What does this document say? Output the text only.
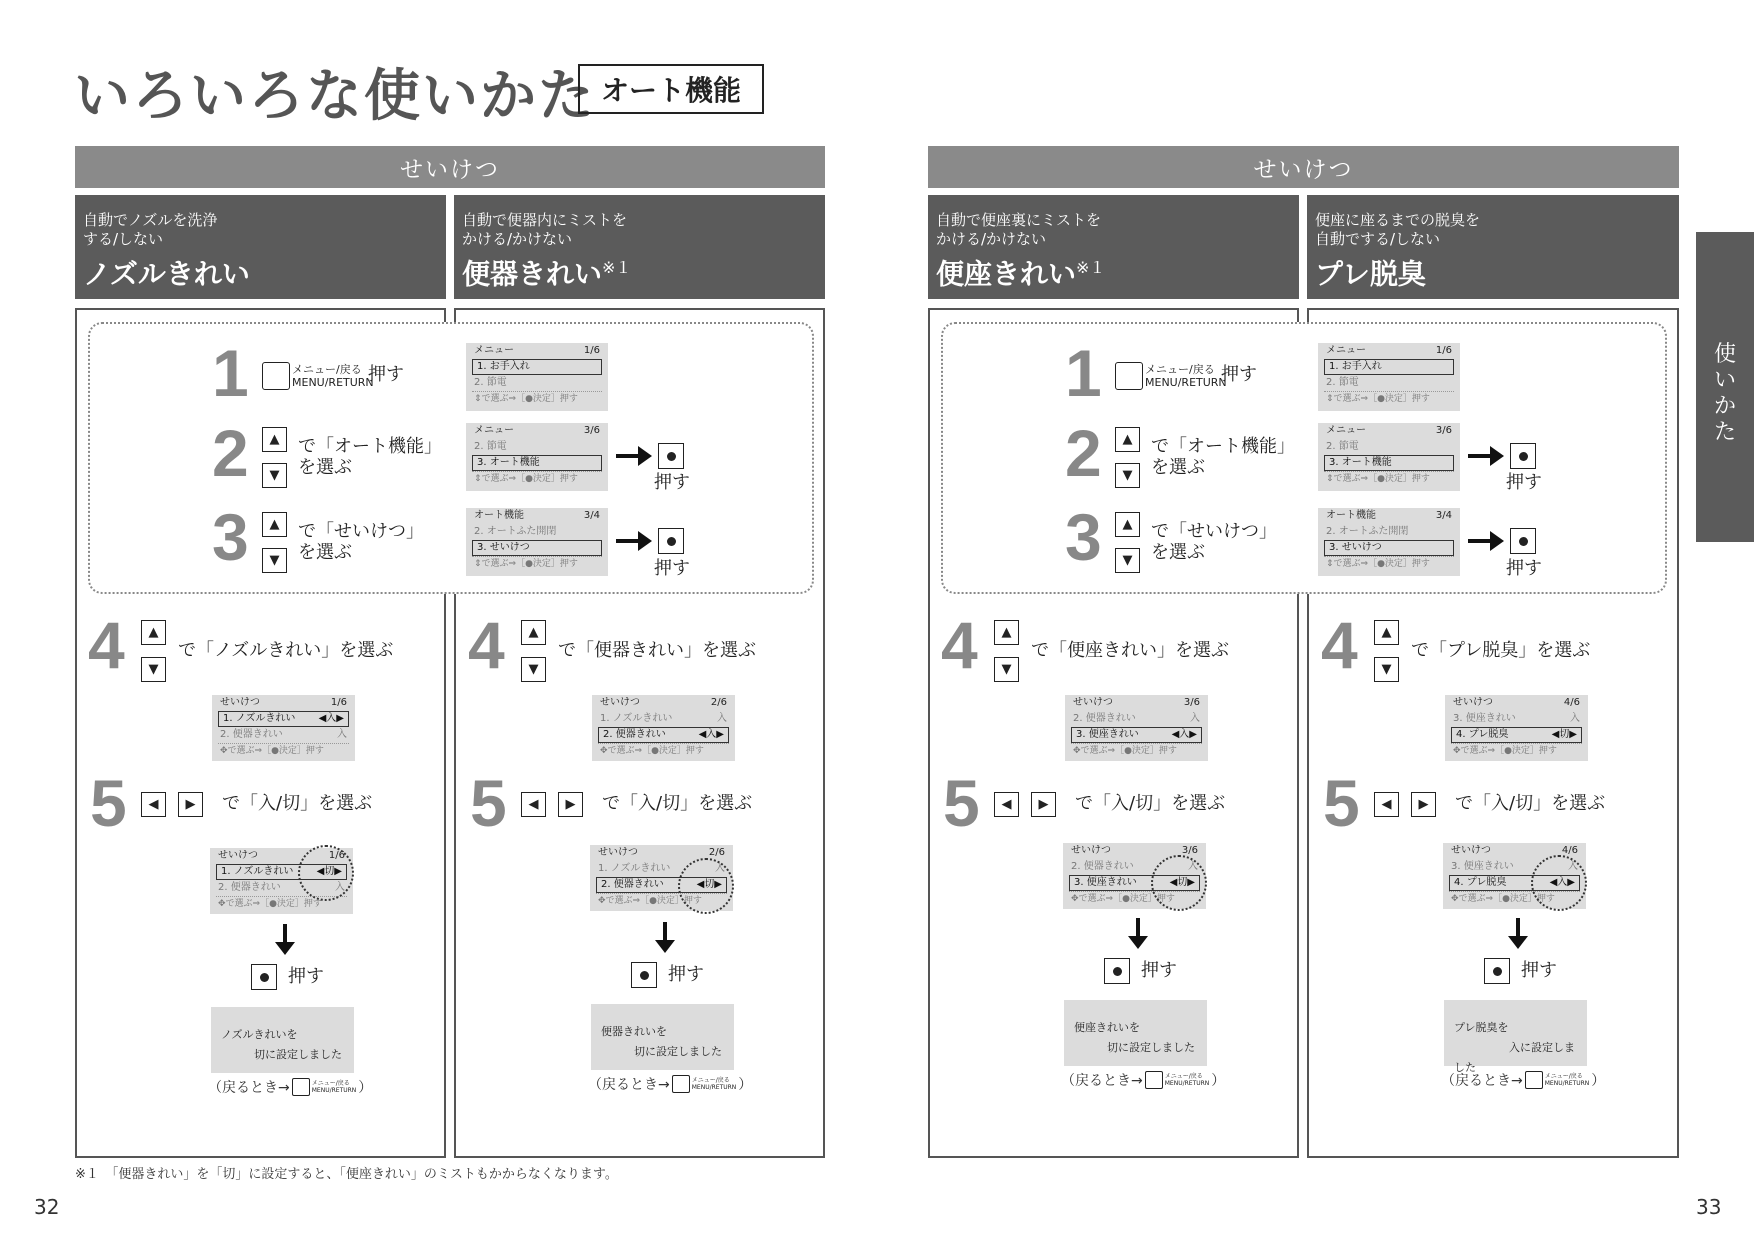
いろいろな使いかた オート機能
せいけつ	せいけつ
自動でノズルを洗浄
する/しない
ノズルきれい
自動で便器内にミストを
かける/かけない
便器きれい$^{※1}$
自動で便座裏にミストを
かける/かけない
便座きれい$^{※1}$
便座に座るまでの脱臭を
自動でする/しない
プレ脱臭
使
い
か
た
1	メニュー/戻る
MENU/RETURN
押す
メニュー	1/6
1. お手入れ
2. 節電
⇕で選ぶ⇒［●決定］押す
2	▲
▼
で「オート機能」
を選ぶ
メニュー	3/6
2. 節電
3. オート機能
⇕で選ぶ⇒［●決定］押す	押す
3	▲
▼
で「せいけつ」
を選ぶ
オート機能	3/4
2. オートふた開閉
3. せいけつ
⇕で選ぶ⇒［●決定］押す	押す
1	メニュー/戻る
MENU/RETURN
押す
メニュー	1/6
1. お手入れ
2. 節電
⇕で選ぶ⇒［●決定］押す
2	▲
▼
で「オート機能」
を選ぶ
メニュー	3/6
2. 節電
3. オート機能
⇕で選ぶ⇒［●決定］押す	押す
3	▲
▼
で「せいけつ」
を選ぶ
オート機能	3/4
2. オートふた開閉
3. せいけつ
⇕で選ぶ⇒［●決定］押す	押す
4	▲
▼
で「ノズルきれい」を選ぶ
せいけつ	1/6
1. ノズルきれい ◀入▶
2. 便器きれい	入
✥で選ぶ⇒［●決定］押す
5	◀	▶	で「入/切」を選ぶ
せいけつ	1/6
1. ノズルきれい ◀切▶
2. 便器きれい	入
✥で選ぶ⇒［●決定］押す
押す
ノズルきれいを
　　　切に設定しました
（戻るとき→	メニュー/戻る
MENU/RETURN ）
4	▲
▼
で「便器きれい」を選ぶ
せいけつ	2/6
1. ノズルきれい	入
2. 便器きれい	◀入▶
✥で選ぶ⇒［●決定］押す
5	◀	▶	で「入/切」を選ぶ
せいけつ	2/6
1. ノズルきれい	入
2. 便器きれい	◀切▶
✥で選ぶ⇒［●決定］押す
押す
便器きれいを
　　　切に設定しました
（戻るとき→	メニュー/戻る
MENU/RETURN ）
4	▲
▼
で「便座きれい」を選ぶ
せいけつ	3/6
2. 便器きれい	入
3. 便座きれい	◀入▶
✥で選ぶ⇒［●決定］押す
5	◀	▶	で「入/切」を選ぶ
せいけつ	3/6
2. 便器きれい	入
3. 便座きれい	◀切▶
✥で選ぶ⇒［●決定］押す
押す
便座きれいを
　　　切に設定しました
（戻るとき→	メニュー/戻る
MENU/RETURN ）
4	▲
▼
で「プレ脱臭」を選ぶ
せいけつ	4/6
3. 便座きれい	入
4. プレ脱臭	◀切▶
✥で選ぶ⇒［●決定］押す
5	◀	▶	で「入/切」を選ぶ
せいけつ	4/6
3. 便座きれい	入
4. プレ脱臭	◀入▶
✥で選ぶ⇒［●決定］押す
押す
プレ脱臭を
　　　　　入に設定しました
（戻るとき→	メニュー/戻る
MENU/RETURN ）
※１　「便器きれい」を「切」に設定すると、「便座きれい」のミストもかからなくなります。
32	33
